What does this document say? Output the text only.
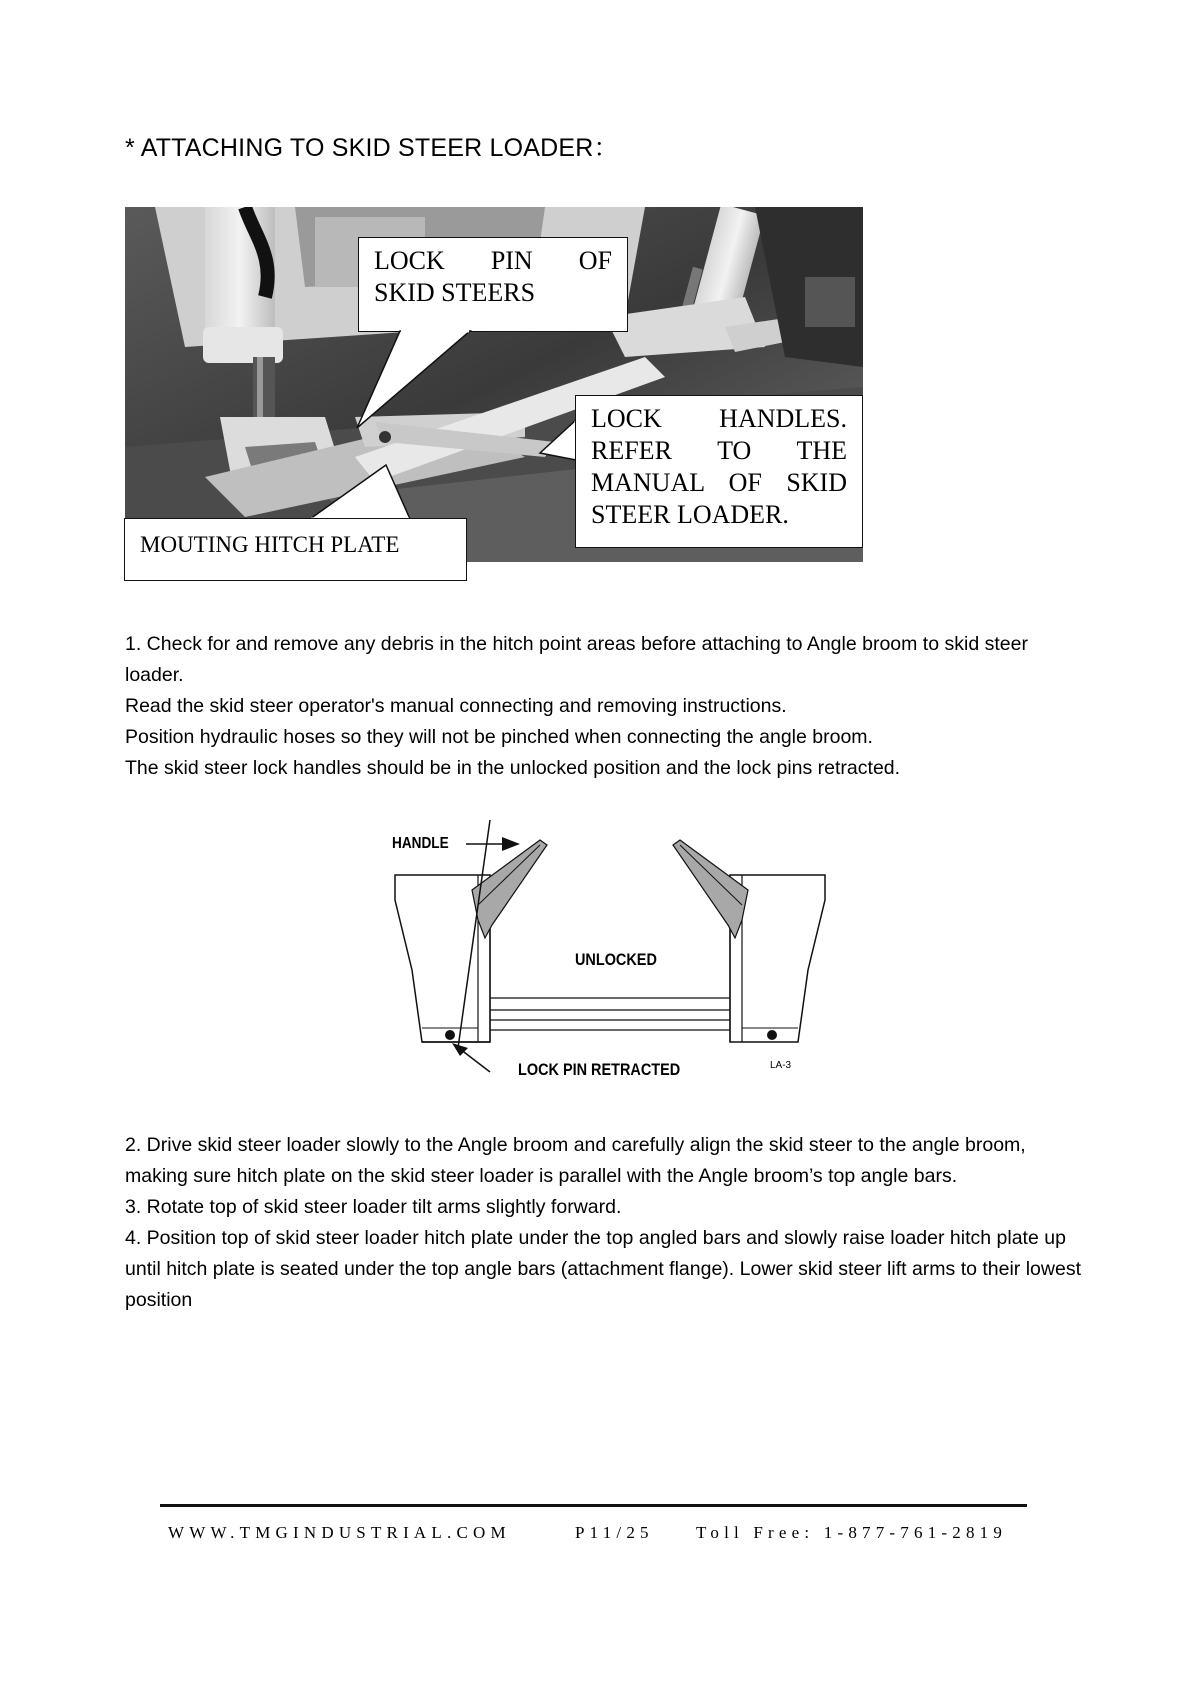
* ATTACHING TO SKID STEER LOADER：
LOCK PIN OF
SKID STEERS
LOCK HANDLES.
REFER TO THE
MANUAL OF SKID
STEER LOADER.
MOUTING HITCH PLATE

1. Check for and remove any debris in the hitch point areas before attaching to Angle broom to skid steer loader.

Read the skid steer operator's manual connecting and removing instructions.

Position hydraulic hoses so they will not be pinched when connecting the angle broom.

The skid steer lock handles should be in the unlocked position and the lock pins retracted.

HANDLE
UNLOCKED
LOCK PIN RETRACTED	LA-3

2. Drive skid steer loader slowly to the Angle broom and carefully align the skid steer to the angle broom, making sure hitch plate on the skid steer loader is parallel with the Angle broom’s top angle bars.

3. Rotate top of skid steer loader tilt arms slightly forward.

4. Position top of skid steer loader hitch plate under the top angled bars and slowly raise loader hitch plate up until hitch plate is seated under the top angle bars (attachment flange). Lower skid steer lift arms to their lowest position

WWW.TMGINDUSTRIAL.COM	P11/25 Toll Free: 1-877-761-2819
